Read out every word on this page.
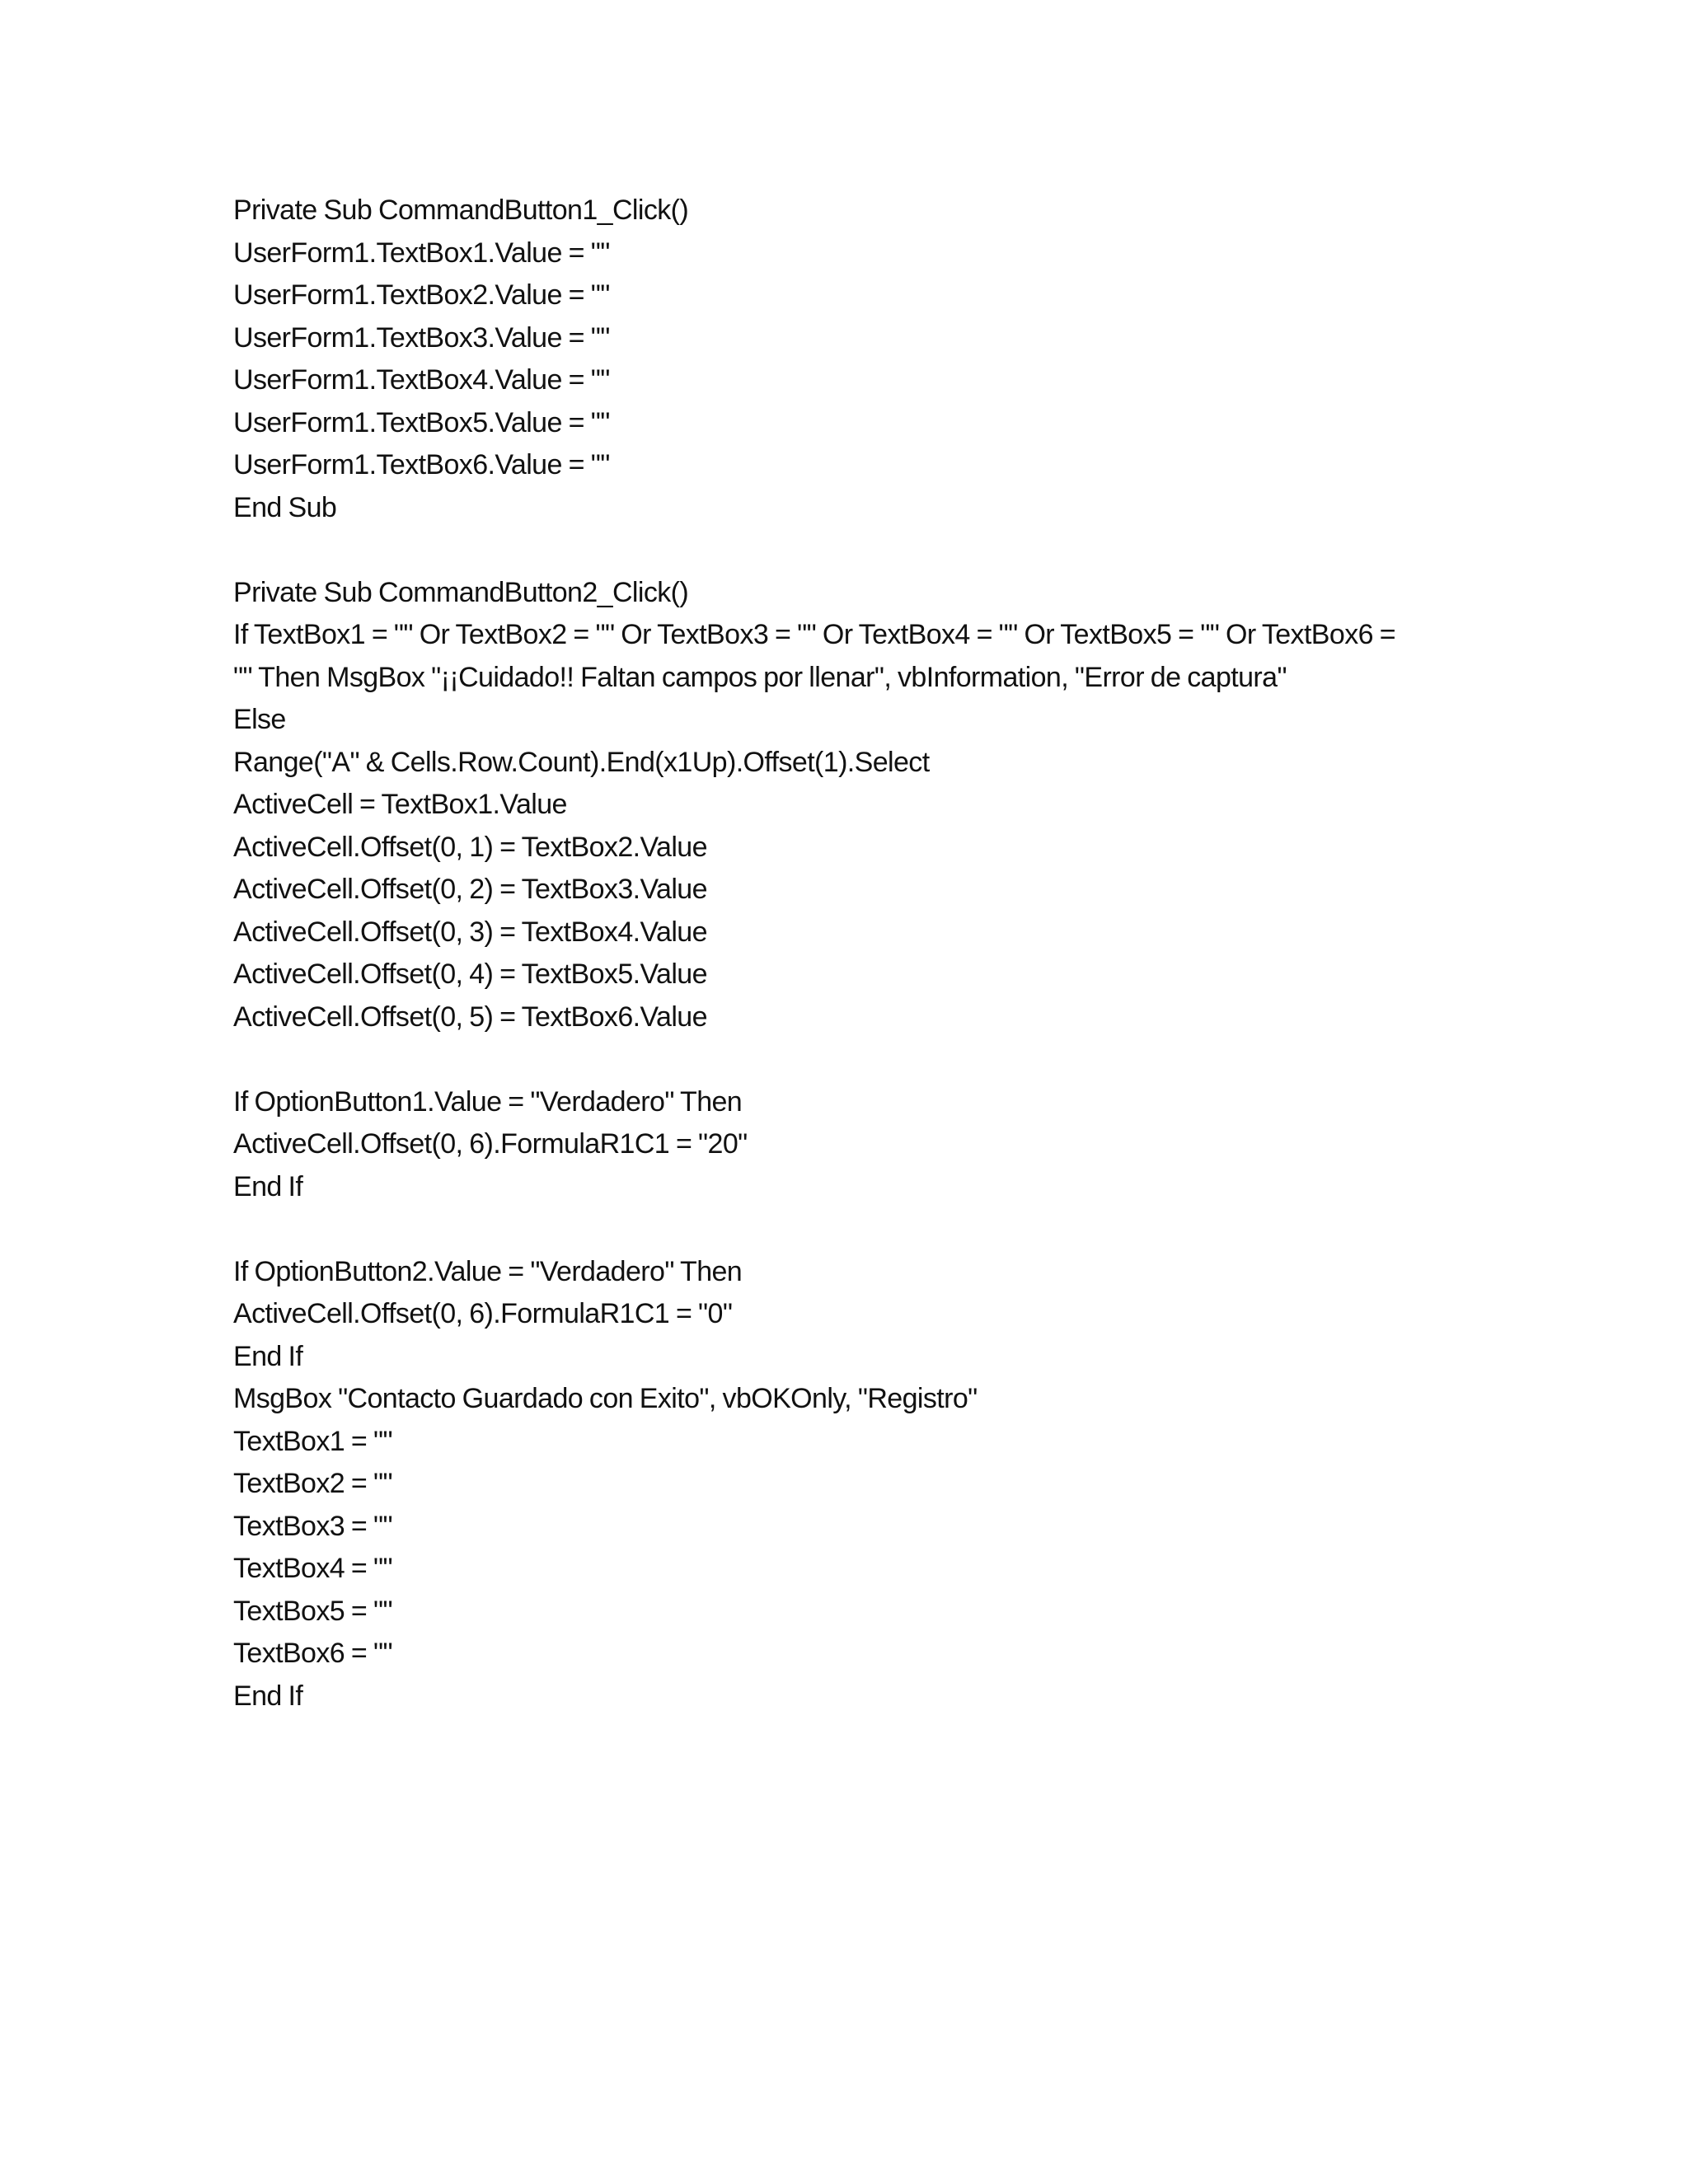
Private Sub CommandButton1_Click()
UserForm1.TextBox1.Value = ""
UserForm1.TextBox2.Value = ""
UserForm1.TextBox3.Value = ""
UserForm1.TextBox4.Value = ""
UserForm1.TextBox5.Value = ""
UserForm1.TextBox6.Value = ""
End Sub
Private Sub CommandButton2_Click()
If TextBox1 = "" Or TextBox2 = "" Or TextBox3 = "" Or TextBox4 = "" Or TextBox5 = "" Or TextBox6 =
"" Then MsgBox "¡¡Cuidado!! Faltan campos por llenar", vbInformation, "Error de captura"
Else
Range("A" & Cells.Row.Count).End(x1Up).Offset(1).Select
ActiveCell = TextBox1.Value
ActiveCell.Offset(0, 1) = TextBox2.Value
ActiveCell.Offset(0, 2) = TextBox3.Value
ActiveCell.Offset(0, 3) = TextBox4.Value
ActiveCell.Offset(0, 4) = TextBox5.Value
ActiveCell.Offset(0, 5) = TextBox6.Value
If OptionButton1.Value = "Verdadero" Then
ActiveCell.Offset(0, 6).FormulaR1C1 = "20"
End If
If OptionButton2.Value = "Verdadero" Then
ActiveCell.Offset(0, 6).FormulaR1C1 = "0"
End If
MsgBox "Contacto Guardado con Exito", vbOKOnly, "Registro"
TextBox1 = ""
TextBox2 = ""
TextBox3 = ""
TextBox4 = ""
TextBox5 = ""
TextBox6 = ""
End If
